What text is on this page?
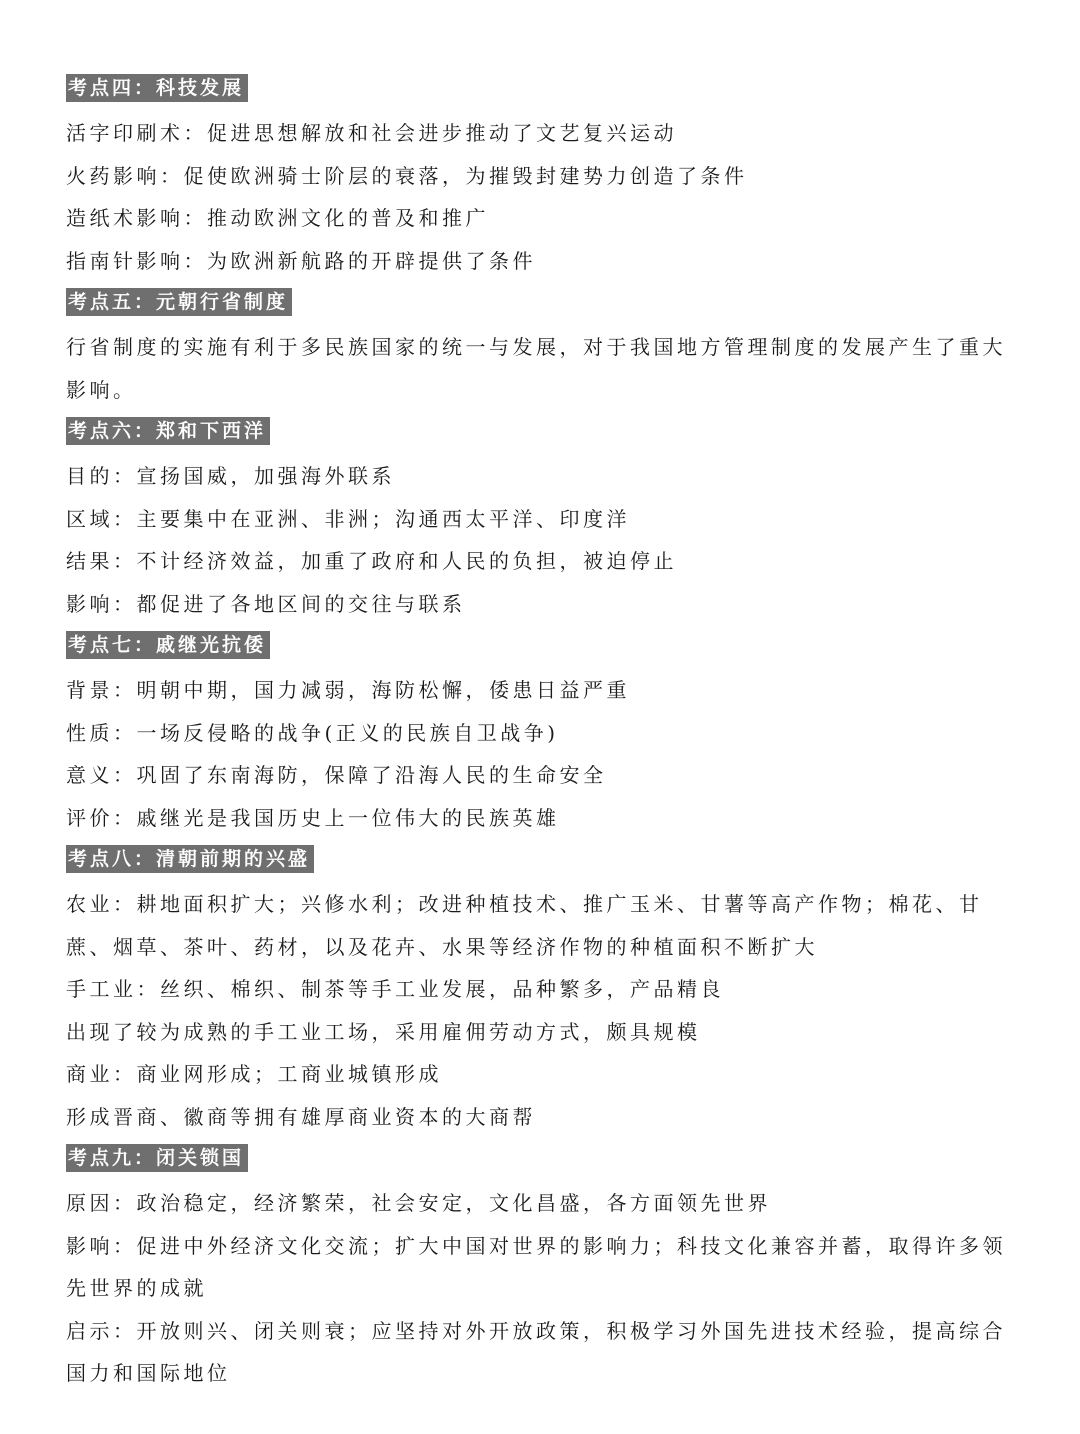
考点四：科技发展
活字印刷术：促进思想解放和社会进步推动了文艺复兴运动
火药影响：促使欧洲骑士阶层的衰落，为摧毁封建势力创造了条件
造纸术影响：推动欧洲文化的普及和推广
指南针影响：为欧洲新航路的开辟提供了条件
考点五：元朝行省制度
行省制度的实施有利于多民族国家的统一与发展，对于我国地方管理制度的发展产生了重大影响。
考点六：郑和下西洋
目的：宣扬国威，加强海外联系
区域：主要集中在亚洲、非洲；沟通西太平洋、印度洋
结果：不计经济效益，加重了政府和人民的负担，被迫停止
影响：都促进了各地区间的交往与联系
考点七：戚继光抗倭
背景：明朝中期，国力减弱，海防松懈，倭患日益严重
性质：一场反侵略的战争(正义的民族自卫战争)
意义：巩固了东南海防，保障了沿海人民的生命安全
评价：戚继光是我国历史上一位伟大的民族英雄
考点八：清朝前期的兴盛
农业：耕地面积扩大；兴修水利；改进种植技术、推广玉米、甘薯等高产作物；棉花、甘蔗、烟草、茶叶、药材，以及花卉、水果等经济作物的种植面积不断扩大
手工业：丝织、棉织、制茶等手工业发展，品种繁多，产品精良
出现了较为成熟的手工业工场，采用雇佣劳动方式，颇具规模
商业：商业网形成；工商业城镇形成
形成晋商、徽商等拥有雄厚商业资本的大商帮
考点九：闭关锁国
原因：政治稳定，经济繁荣，社会安定，文化昌盛，各方面领先世界
影响：促进中外经济文化交流；扩大中国对世界的影响力；科技文化兼容并蓄，取得许多领先世界的成就
启示：开放则兴、闭关则衰；应坚持对外开放政策，积极学习外国先进技术经验，提高综合国力和国际地位
